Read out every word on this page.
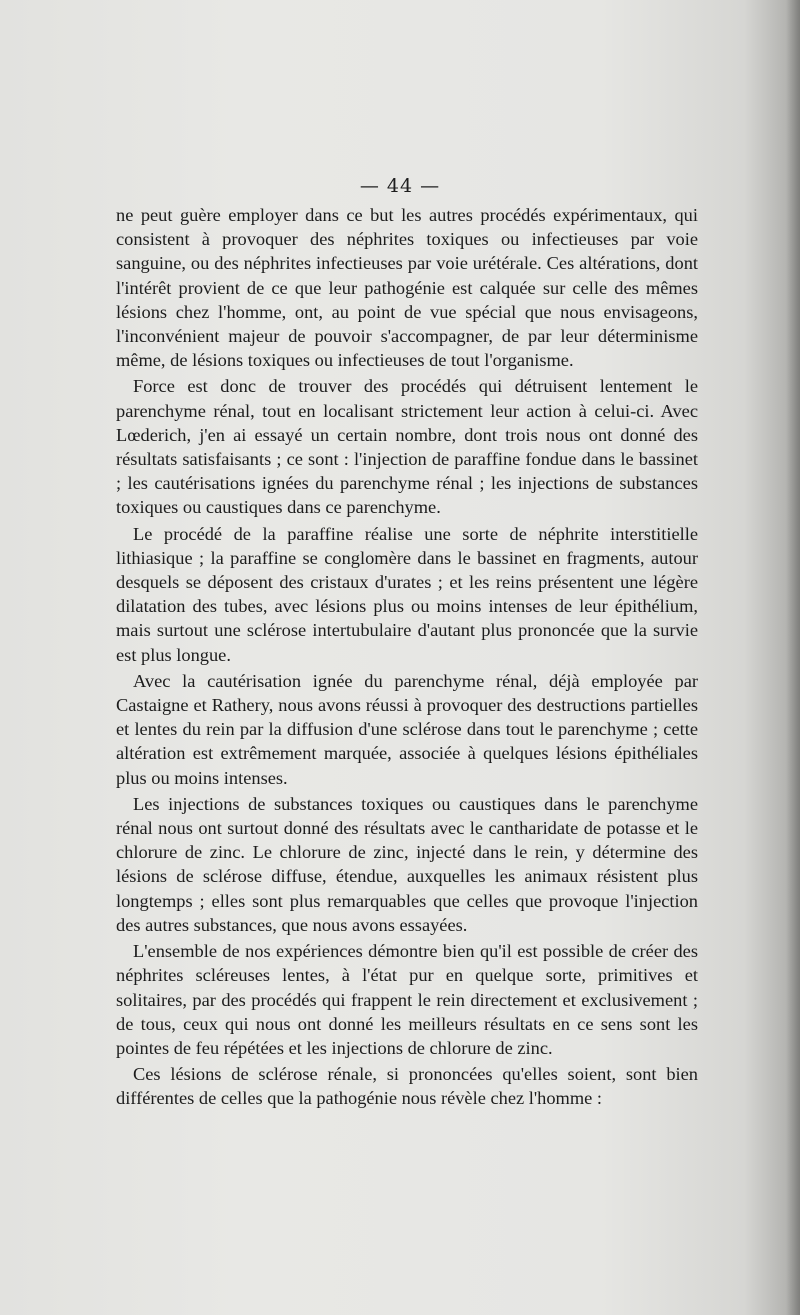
— 44 —

ne peut guère employer dans ce but les autres procédés expérimentaux, qui consistent à provoquer des néphrites toxiques ou infectieuses par voie sanguine, ou des néphrites infectieuses par voie urétérale. Ces altérations, dont l'intérêt provient de ce que leur pathogénie est calquée sur celle des mêmes lésions chez l'homme, ont, au point de vue spécial que nous envisageons, l'inconvénient majeur de pouvoir s'accompagner, de par leur déterminisme même, de lésions toxiques ou infectieuses de tout l'organisme.

Force est donc de trouver des procédés qui détruisent lentement le parenchyme rénal, tout en localisant strictement leur action à celui-ci. Avec Lœderich, j'en ai essayé un certain nombre, dont trois nous ont donné des résultats satisfaisants ; ce sont : l'injection de paraffine fondue dans le bassinet ; les cautérisations ignées du parenchyme rénal ; les injections de substances toxiques ou caustiques dans ce parenchyme.

Le procédé de la paraffine réalise une sorte de néphrite interstitielle lithiasique ; la paraffine se conglomère dans le bassinet en fragments, autour desquels se déposent des cristaux d'urates ; et les reins présentent une légère dilatation des tubes, avec lésions plus ou moins intenses de leur épithélium, mais surtout une sclérose intertubulaire d'autant plus prononcée que la survie est plus longue.

Avec la cautérisation ignée du parenchyme rénal, déjà employée par Castaigne et Rathery, nous avons réussi à provoquer des destructions partielles et lentes du rein par la diffusion d'une sclérose dans tout le parenchyme ; cette altération est extrêmement marquée, associée à quelques lésions épithéliales plus ou moins intenses.

Les injections de substances toxiques ou caustiques dans le parenchyme rénal nous ont surtout donné des résultats avec le cantharidate de potasse et le chlorure de zinc. Le chlorure de zinc, injecté dans le rein, y détermine des lésions de sclérose diffuse, étendue, auxquelles les animaux résistent plus longtemps ; elles sont plus remarquables que celles que provoque l'injection des autres substances, que nous avons essayées.

L'ensemble de nos expériences démontre bien qu'il est possible de créer des néphrites scléreuses lentes, à l'état pur en quelque sorte, primitives et solitaires, par des procédés qui frappent le rein directement et exclusivement ; de tous, ceux qui nous ont donné les meilleurs résultats en ce sens sont les pointes de feu répétées et les injections de chlorure de zinc.

Ces lésions de sclérose rénale, si prononcées qu'elles soient, sont bien différentes de celles que la pathogénie nous révèle chez l'homme :
